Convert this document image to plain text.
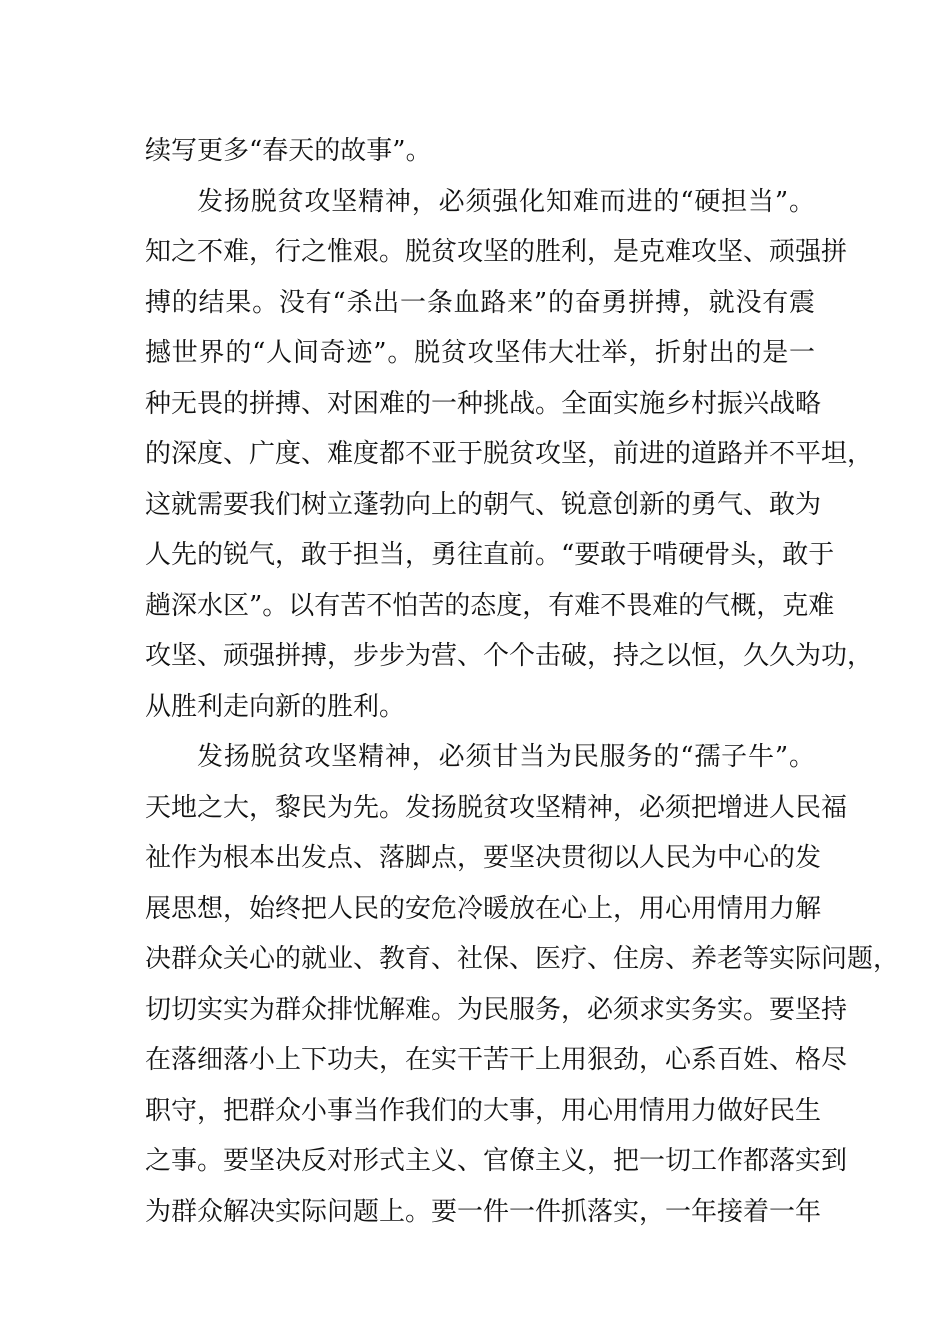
续写更多“春天的故事”。
发扬脱贫攻坚精神，必须强化知难而进的“硬担当”。
知之不难，行之惟艰。脱贫攻坚的胜利，是克难攻坚、顽强拼
搏的结果。没有“杀出一条血路来”的奋勇拼搏，就没有震
撼世界的“人间奇迹”。脱贫攻坚伟大壮举，折射出的是一
种无畏的拼搏、对困难的一种挑战。全面实施乡村振兴战略
的深度、广度、难度都不亚于脱贫攻坚，前进的道路并不平坦，
这就需要我们树立蓬勃向上的朝气、锐意创新的勇气、敢为
人先的锐气，敢于担当，勇往直前。“要敢于啃硬骨头，敢于
趟深水区”。以有苦不怕苦的态度，有难不畏难的气概，克难
攻坚、顽强拼搏，步步为营、个个击破，持之以恒，久久为功，
从胜利走向新的胜利。
发扬脱贫攻坚精神，必须甘当为民服务的“孺子牛”。
天地之大，黎民为先。发扬脱贫攻坚精神，必须把增进人民福
祉作为根本出发点、落脚点，要坚决贯彻以人民为中心的发
展思想，始终把人民的安危冷暖放在心上，用心用情用力解
决群众关心的就业、教育、社保、医疗、住房、养老等实际问题，
切切实实为群众排忧解难。为民服务，必须求实务实。要坚持
在落细落小上下功夫，在实干苦干上用狠劲，心系百姓、格尽
职守，把群众小事当作我们的大事，用心用情用力做好民生
之事。要坚决反对形式主义、官僚主义，把一切工作都落实到
为群众解决实际问题上。要一件一件抓落实，一年接着一年
